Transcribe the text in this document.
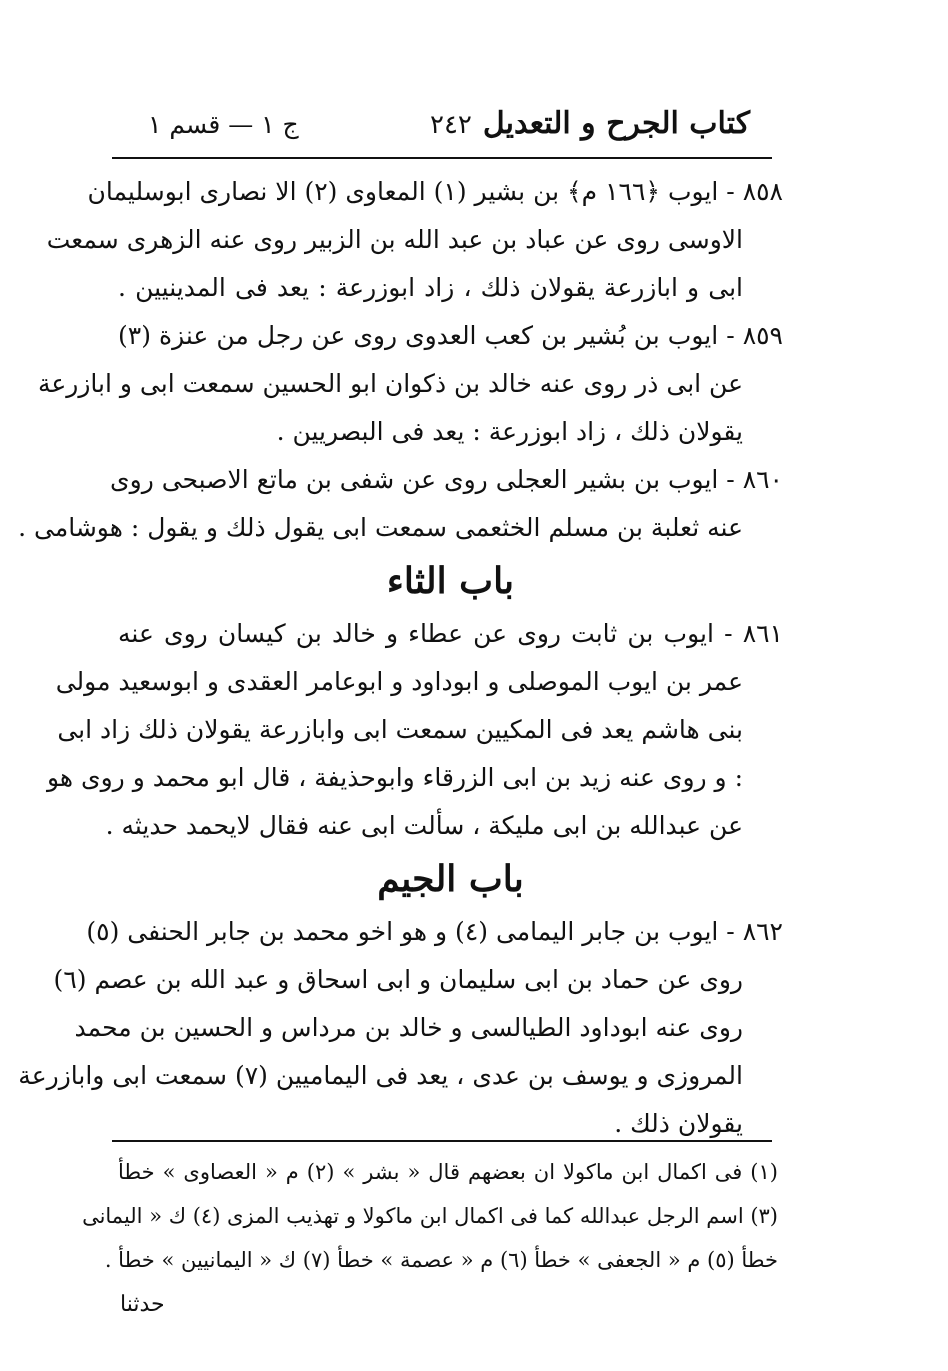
كتاب الجرح و التعديل
٢٤٢
ج ١ — قسم ١
٨٥٨ - ايوب ﴿١٦٦ م﴾ بن بشير (١) المعاوى (٢) الا نصارى ابوسليمان
الاوسى روى عن عباد بن عبد الله بن الزبير روى عنه الزهرى سمعت
ابى و ابازرعة يقولان ذلك ، زاد ابوزرعة : يعد فى المدينيين .
٨٥٩ - ايوب بن بُشير بن كعب العدوى روى عن رجل من عنزة (٣)
عن ابى ذر روى عنه خالد بن ذكوان ابو الحسين سمعت ابى و ابازرعة
يقولان ذلك ، زاد ابوزرعة : يعد فى البصريين .
٨٦٠ - ايوب بن بشير العجلى روى عن شفى بن ماتع الاصبحى روى
عنه ثعلبة بن مسلم الخثعمى سمعت ابى يقول ذلك و يقول : هوشامى .
باب الثاء
٨٦١ - ايوب بن ثابت روى عن عطاء و خالد بن كيسان روى عنه
عمر بن ايوب الموصلى و ابوداود و ابوعامر العقدى و ابوسعيد مولى
بنى هاشم يعد فى المكيين سمعت ابى وابازرعة يقولان ذلك زاد ابى
: و روى عنه زيد بن ابى الزرقاء وابوحذيفة ، قال ابو محمد و روى هو
عن عبدالله بن ابى مليكة ، سألت ابى عنه فقال لايحمد حديثه .
باب الجيم
٨٦٢ - ايوب بن جابر اليمامى (٤) و هو اخو محمد بن جابر الحنفى (٥)
روى عن حماد بن ابى سليمان و ابى اسحاق و عبد الله بن عصم (٦)
روى عنه ابوداود الطيالسى و خالد بن مرداس و الحسين بن محمد
المروزى و يوسف بن عدى ، يعد فى اليماميين (٧) سمعت ابى وابازرعة
يقولان ذلك .
(١) فى اكمال ابن ماكولا ان بعضهم قال « بشر » (٢) م « العصاوى » خطأ
(٣) اسم الرجل عبدالله كما فى اكمال ابن ماكولا و تهذيب المزى (٤) ك « اليمانى
خطأ (٥) م « الجعفى » خطأ (٦) م « عصمة » خطأ (٧) ك « اليمانيين » خطأ .
حدثنا
